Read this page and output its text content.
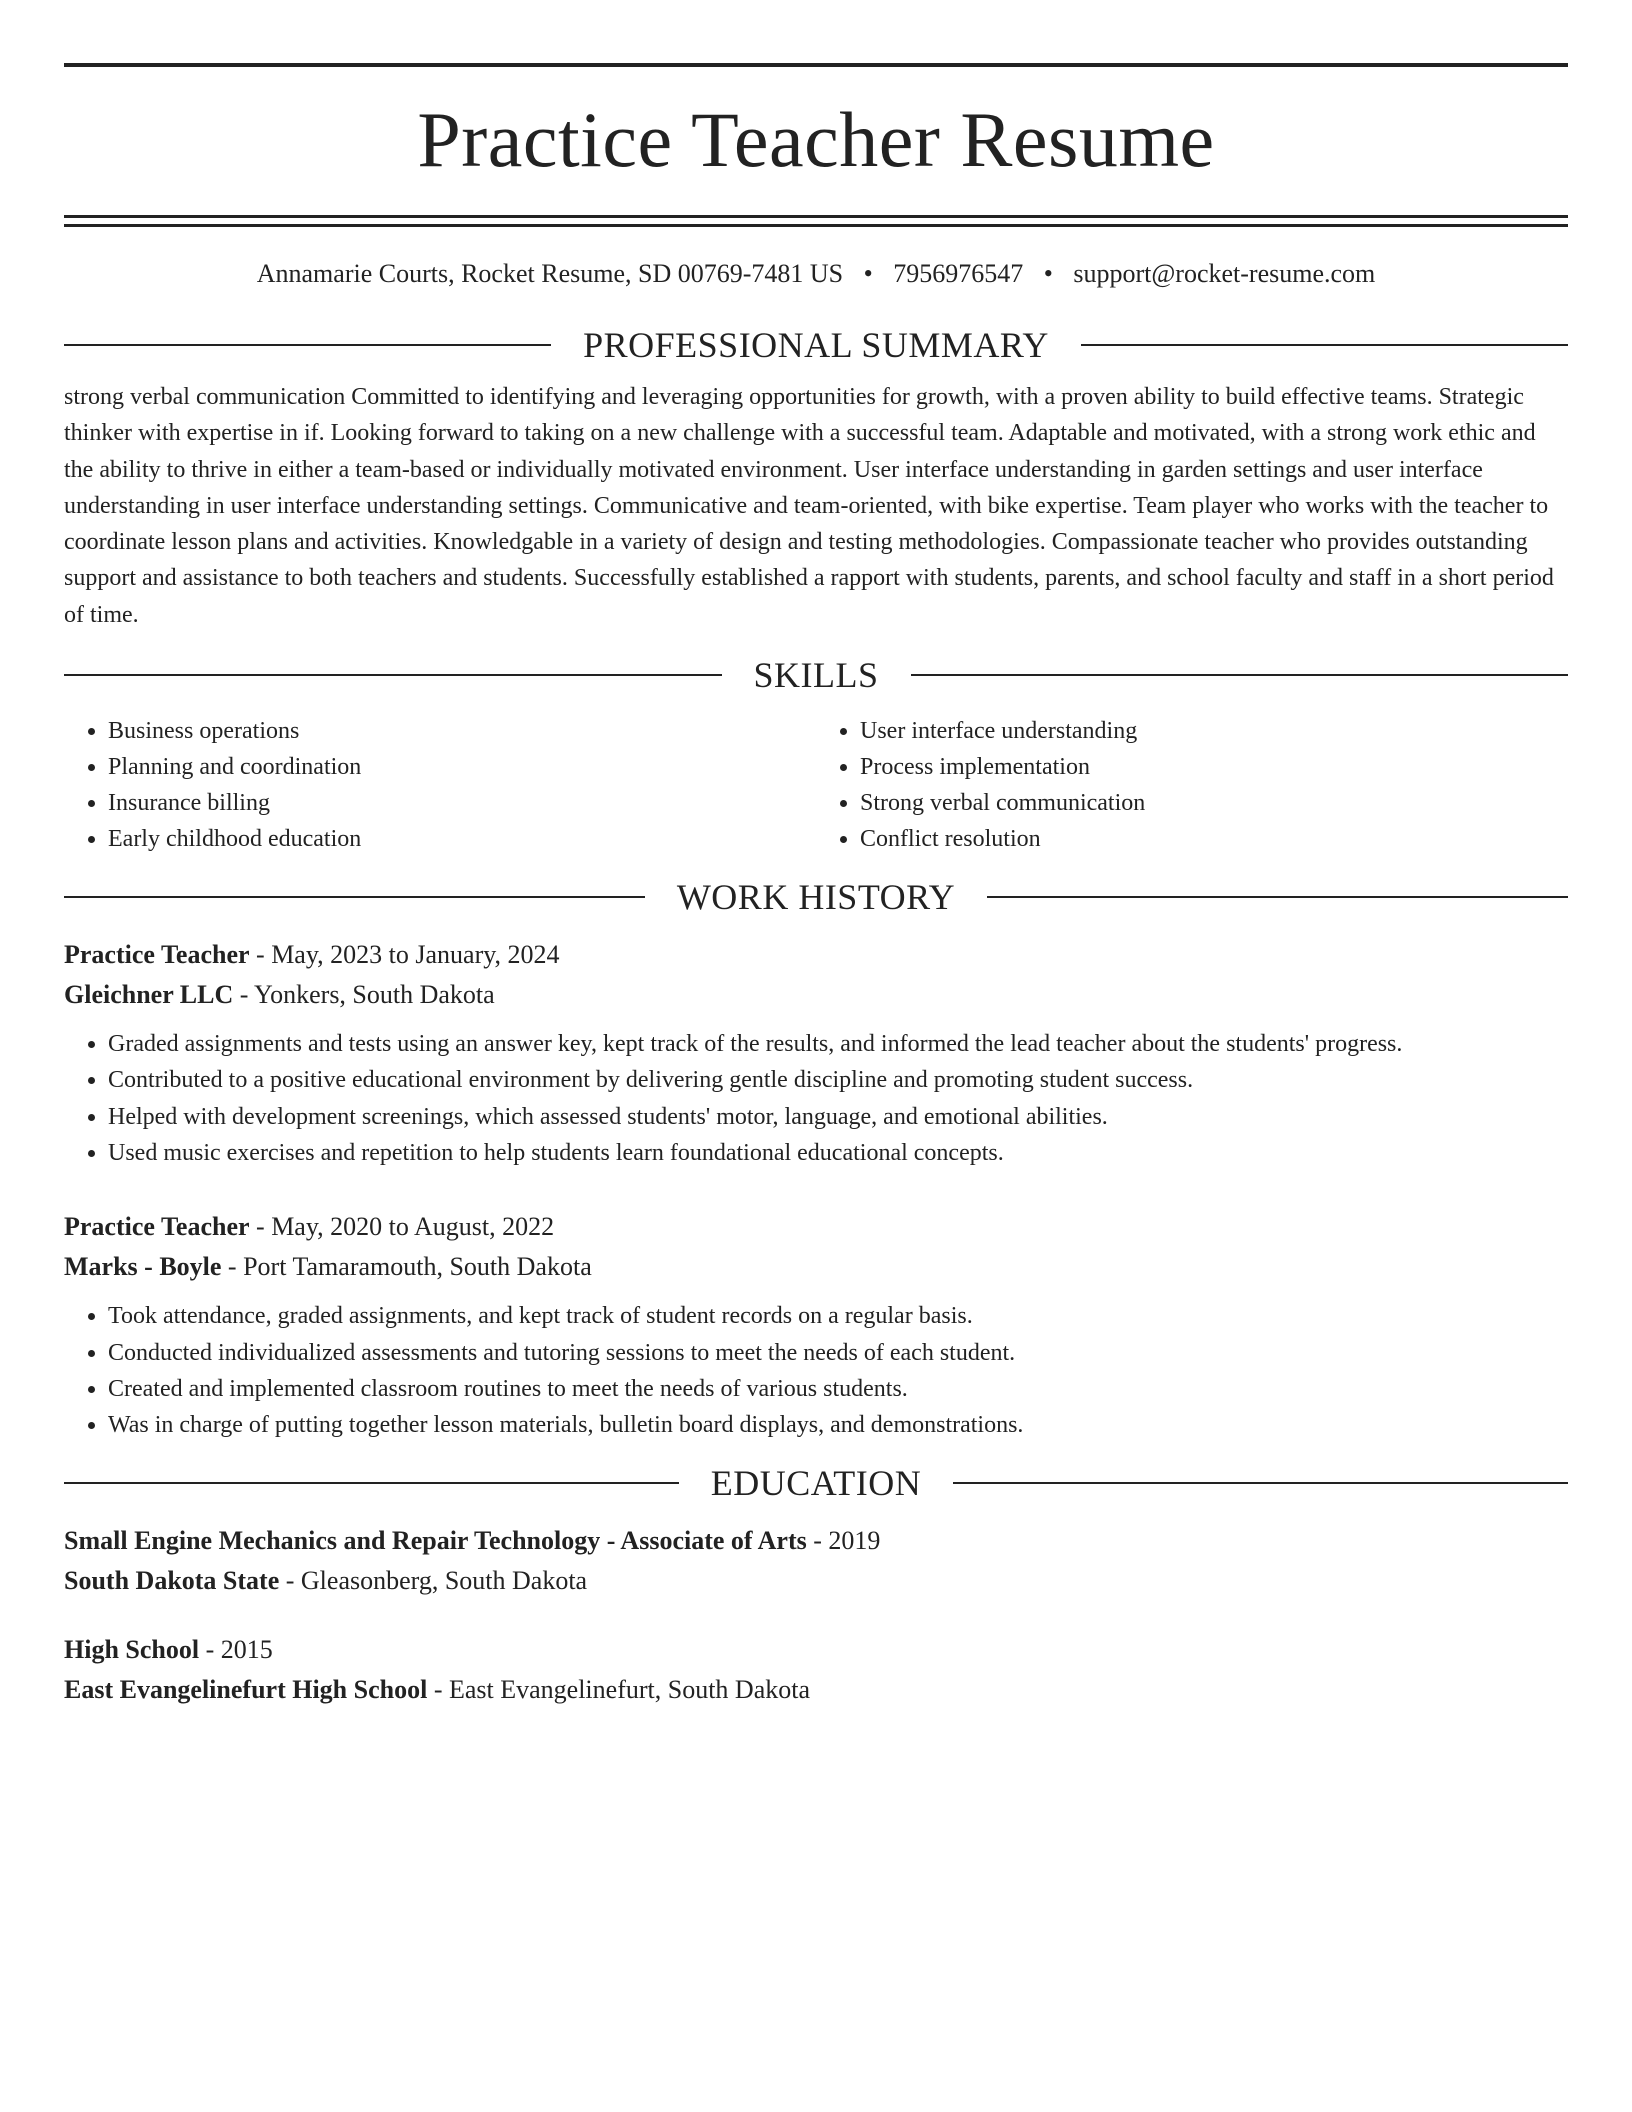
Practice Teacher Resume
Annamarie Courts, Rocket Resume, SD 00769-7481 US • 7956976547 • support@rocket-resume.com
PROFESSIONAL SUMMARY

strong verbal communication Committed to identifying and leveraging opportunities for growth, with a proven ability to build effective teams. Strategic thinker with expertise in if. Looking forward to taking on a new challenge with a successful team. Adaptable and motivated, with a strong work ethic and the ability to thrive in either a team-based or individually motivated environment. User interface understanding in garden settings and user interface understanding in user interface understanding settings. Communicative and team-oriented, with bike expertise. Team player who works with the teacher to coordinate lesson plans and activities. Knowledgable in a variety of design and testing methodologies. Compassionate teacher who provides outstanding support and assistance to both teachers and students. Successfully established a rapport with students, parents, and school faculty and staff in a short period of time.

SKILLS
• Business operations
• Planning and coordination
• Insurance billing
• Early childhood education
• User interface understanding
• Process implementation
• Strong verbal communication
• Conflict resolution
WORK HISTORY
Practice Teacher - May, 2023 to January, 2024
Gleichner LLC - Yonkers, South Dakota
• Graded assignments and tests using an answer key, kept track of the results, and informed the lead teacher about the students' progress.
• Contributed to a positive educational environment by delivering gentle discipline and promoting student success.
• Helped with development screenings, which assessed students' motor, language, and emotional abilities.
• Used music exercises and repetition to help students learn foundational educational concepts.
Practice Teacher - May, 2020 to August, 2022
Marks - Boyle - Port Tamaramouth, South Dakota
• Took attendance, graded assignments, and kept track of student records on a regular basis.
• Conducted individualized assessments and tutoring sessions to meet the needs of each student.
• Created and implemented classroom routines to meet the needs of various students.
• Was in charge of putting together lesson materials, bulletin board displays, and demonstrations.
EDUCATION
Small Engine Mechanics and Repair Technology - Associate of Arts - 2019
South Dakota State - Gleasonberg, South Dakota
High School - 2015
East Evangelinefurt High School - East Evangelinefurt, South Dakota
